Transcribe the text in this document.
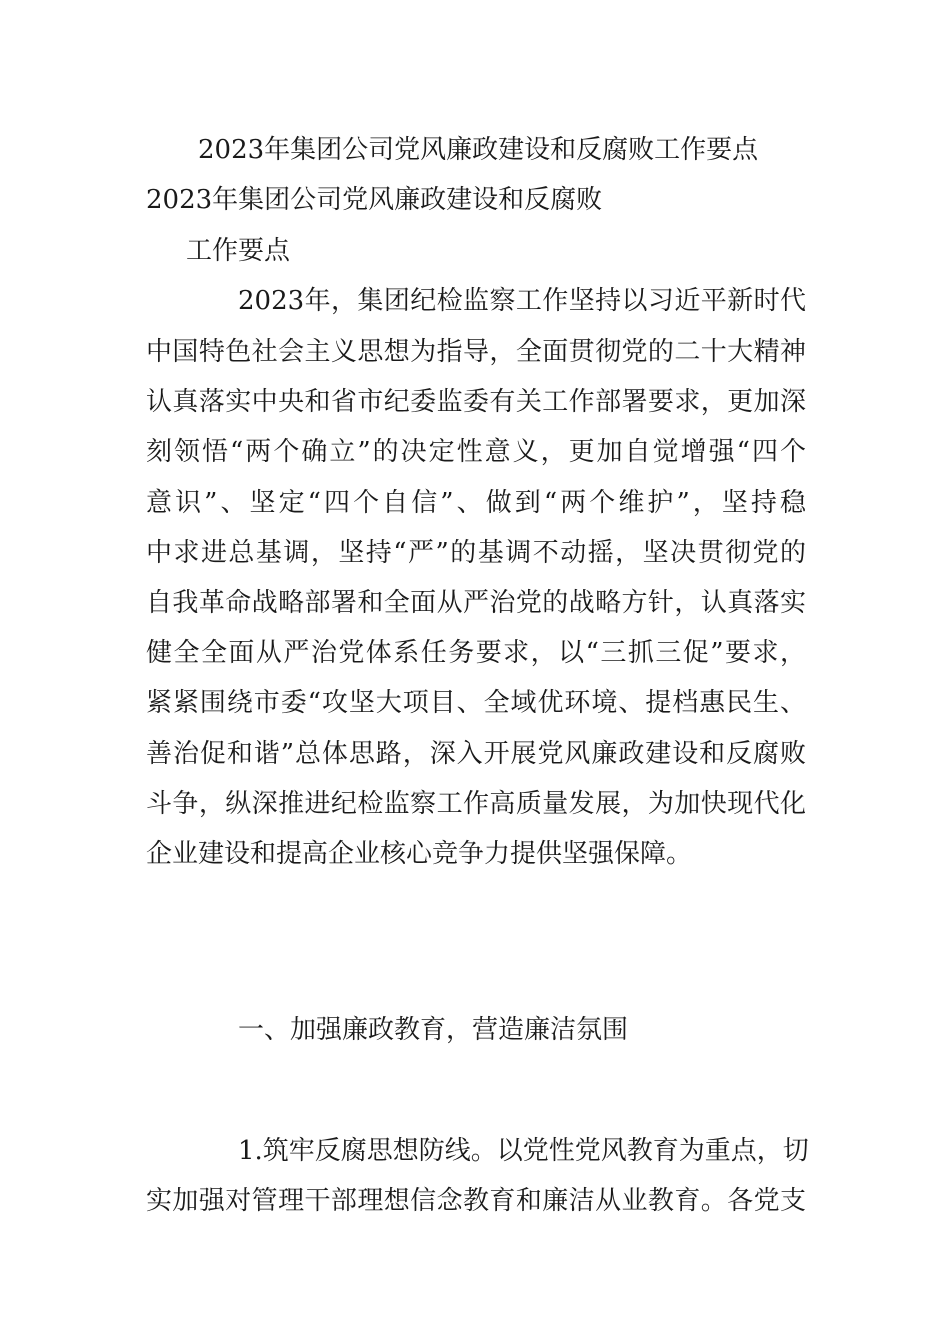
2023年集团公司党风廉政建设和反腐败工作要点

2023年集团公司党风廉政建设和反腐败

工作要点

2023年，集团纪检监察工作坚持以习近平新时代

中国特色社会主义思想为指导，全面贯彻党的二十大精神

认真落实中央和省市纪委监委有关工作部署要求，更加深

刻领悟“两个确立”的决定性意义，更加自觉增强“四个

意识”、坚定“四个自信”、做到“两个维护”，坚持稳

中求进总基调，坚持“严”的基调不动摇，坚决贯彻党的

自我革命战略部署和全面从严治党的战略方针，认真落实

健全全面从严治党体系任务要求，以“三抓三促”要求，

紧紧围绕市委“攻坚大项目、全域优环境、提档惠民生、

善治促和谐”总体思路，深入开展党风廉政建设和反腐败

斗争，纵深推进纪检监察工作高质量发展，为加快现代化

企业建设和提高企业核心竞争力提供坚强保障。

一、加强廉政教育，营造廉洁氛围

1.筑牢反腐思想防线。以党性党风教育为重点，切

实加强对管理干部理想信念教育和廉洁从业教育。各党支
